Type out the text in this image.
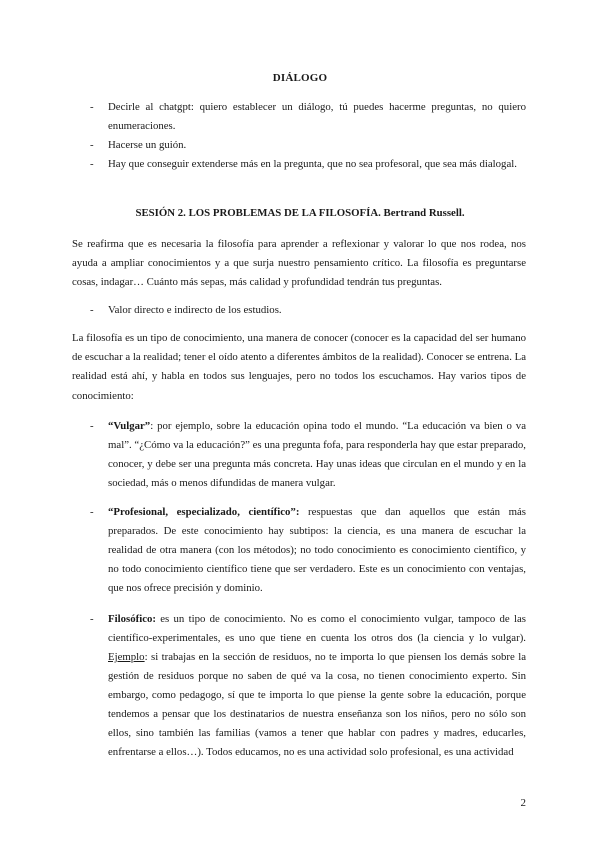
DIÁLOGO
- Decirle al chatgpt: quiero establecer un diálogo, tú puedes hacerme preguntas, no quiero enumeraciones.
- Hacerse un guión.
- Hay que conseguir extenderse más en la pregunta, que no sea profesoral, que sea más dialogal.
SESIÓN 2. LOS PROBLEMAS DE LA FILOSOFÍA. Bertrand Russell.

Se reafirma que es necesaria la filosofía para aprender a reflexionar y valorar lo que nos rodea, nos ayuda a ampliar conocimientos y a que surja nuestro pensamiento crítico. La filosofía es preguntarse cosas, indagar… Cuánto más sepas, más calidad y profundidad tendrán tus preguntas.

- Valor directo e indirecto de los estudios.

La filosofía es un tipo de conocimiento, una manera de conocer (conocer es la capacidad del ser humano de escuchar a la realidad; tener el oído atento a diferentes ámbitos de la realidad). Conocer se entrena. La realidad está ahí, y habla en todos sus lenguajes, pero no todos los escuchamos. Hay varios tipos de conocimiento:

- “Vulgar”: por ejemplo, sobre la educación opina todo el mundo. “La educación va bien o va mal”. “¿Cómo va la educación?” es una pregunta fofa, para responderla hay que estar preparado, conocer, y debe ser una pregunta más concreta. Hay unas ideas que circulan en el mundo y en la sociedad, más o menos difundidas de manera vulgar.
- “Profesional, especializado, científico”: respuestas que dan aquellos que están más preparados. De este conocimiento hay subtipos: la ciencia, es una manera de escuchar la realidad de otra manera (con los métodos); no todo conocimiento es conocimiento científico, y no todo conocimiento científico tiene que ser verdadero. Este es un conocimiento con ventajas, que nos ofrece precisión y dominio.
- Filosófico: es un tipo de conocimiento. No es como el conocimiento vulgar, tampoco de las científico-experimentales, es uno que tiene en cuenta los otros dos (la ciencia y lo vulgar). Ejemplo: si trabajas en la sección de residuos, no te importa lo que piensen los demás sobre la gestión de residuos porque no saben de qué va la cosa, no tienen conocimiento experto. Sin embargo, como pedagogo, sí que te importa lo que piense la gente sobre la educación, porque tendemos a pensar que los destinatarios de nuestra enseñanza son los niños, pero no sólo son ellos, sino también las familias (vamos a tener que hablar con padres y madres, educarles, enfrentarse a ellos…). Todos educamos, no es una actividad solo profesional, es una actividad
2
